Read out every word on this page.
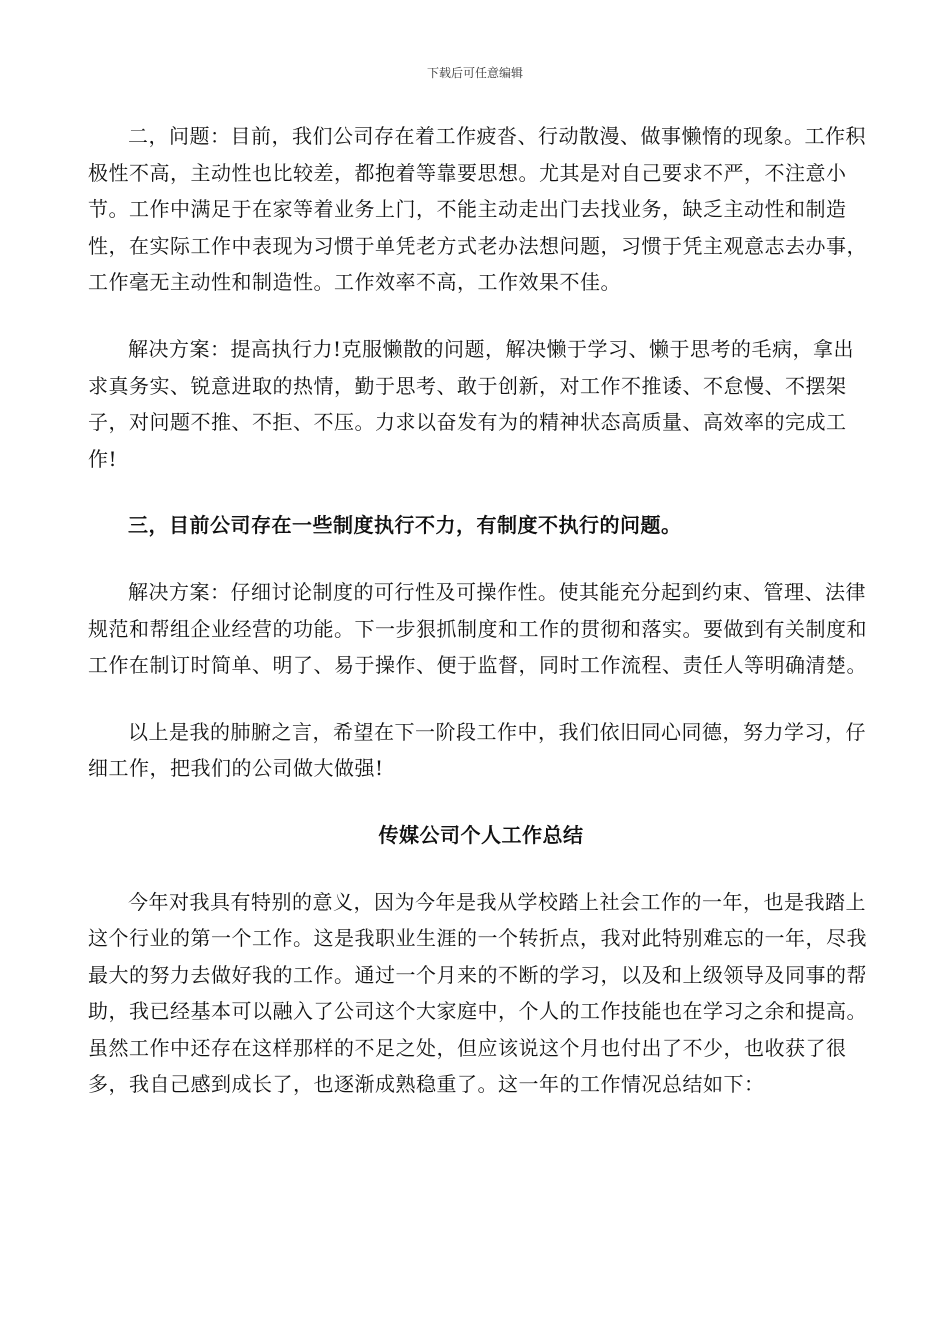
下载后可任意编辑

二，问题：目前，我们公司存在着工作疲沓、行动散漫、做事懒惰的现象。工作积极性不高，主动性也比较差，都抱着等靠要思想。尤其是对自己要求不严，不注意小节。工作中满足于在家等着业务上门，不能主动走出门去找业务，缺乏主动性和制造性，在实际工作中表现为习惯于单凭老方式老办法想问题，习惯于凭主观意志去办事，工作毫无主动性和制造性。工作效率不高，工作效果不佳。

解决方案：提高执行力!克服懒散的问题，解决懒于学习、懒于思考的毛病，拿出求真务实、锐意进取的热情，勤于思考、敢于创新，对工作不推诿、不怠慢、不摆架子，对问题不推、不拒、不压。力求以奋发有为的精神状态高质量、高效率的完成工作!

三，目前公司存在一些制度执行不力，有制度不执行的问题。

解决方案：仔细讨论制度的可行性及可操作性。使其能充分起到约束、管理、法律规范和帮组企业经营的功能。下一步狠抓制度和工作的贯彻和落实。要做到有关制度和工作在制订时简单、明了、易于操作、便于监督，同时工作流程、责任人等明确清楚。

以上是我的肺腑之言，希望在下一阶段工作中，我们依旧同心同德，努力学习，仔细工作，把我们的公司做大做强!

传媒公司个人工作总结

今年对我具有特别的意义，因为今年是我从学校踏上社会工作的一年，也是我踏上这个行业的第一个工作。这是我职业生涯的一个转折点，我对此特别难忘的一年，尽我最大的努力去做好我的工作。通过一个月来的不断的学习，以及和上级领导及同事的帮助，我已经基本可以融入了公司这个大家庭中，个人的工作技能也在学习之余和提高。虽然工作中还存在这样那样的不足之处，但应该说这个月也付出了不少，也收获了很多，我自己感到成长了，也逐渐成熟稳重了。这一年的工作情况总结如下：
